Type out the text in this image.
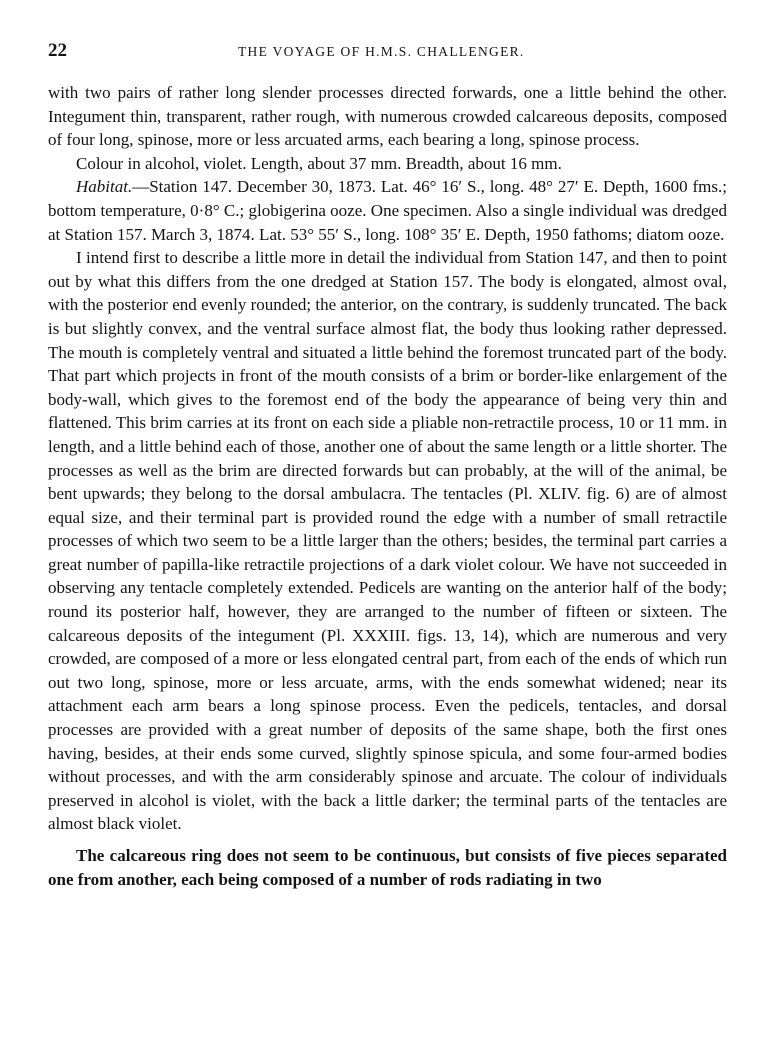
22	THE VOYAGE OF H.M.S. CHALLENGER.

with two pairs of rather long slender processes directed forwards, one a little behind the other. Integument thin, transparent, rather rough, with numerous crowded calcareous deposits, composed of four long, spinose, more or less arcuated arms, each bearing a long, spinose process.

Colour in alcohol, violet. Length, about 37 mm. Breadth, about 16 mm.

Habitat.—Station 147. December 30, 1873. Lat. 46° 16′ S., long. 48° 27′ E. Depth, 1600 fms.; bottom temperature, 0·8° C.; globigerina ooze. One specimen. Also a single individual was dredged at Station 157. March 3, 1874. Lat. 53° 55′ S., long. 108° 35′ E. Depth, 1950 fathoms; diatom ooze.

I intend first to describe a little more in detail the individual from Station 147, and then to point out by what this differs from the one dredged at Station 157. The body is elongated, almost oval, with the posterior end evenly rounded; the anterior, on the contrary, is suddenly truncated. The back is but slightly convex, and the ventral surface almost flat, the body thus looking rather depressed. The mouth is completely ventral and situated a little behind the foremost truncated part of the body. That part which projects in front of the mouth consists of a brim or border-like enlargement of the body-wall, which gives to the foremost end of the body the appearance of being very thin and flattened. This brim carries at its front on each side a pliable non-retractile process, 10 or 11 mm. in length, and a little behind each of those, another one of about the same length or a little shorter. The processes as well as the brim are directed forwards but can probably, at the will of the animal, be bent upwards; they belong to the dorsal ambulacra. The tentacles (Pl. XLIV. fig. 6) are of almost equal size, and their terminal part is provided round the edge with a number of small retractile processes of which two seem to be a little larger than the others; besides, the terminal part carries a great number of papilla-like retractile projections of a dark violet colour. We have not succeeded in observing any tentacle completely extended. Pedicels are wanting on the anterior half of the body; round its posterior half, however, they are arranged to the number of fifteen or sixteen. The calcareous deposits of the integument (Pl. XXXIII. figs. 13, 14), which are numerous and very crowded, are composed of a more or less elongated central part, from each of the ends of which run out two long, spinose, more or less arcuate, arms, with the ends somewhat widened; near its attachment each arm bears a long spinose process. Even the pedicels, tentacles, and dorsal processes are provided with a great number of deposits of the same shape, both the first ones having, besides, at their ends some curved, slightly spinose spicula, and some four-armed bodies without processes, and with the arm considerably spinose and arcuate. The colour of individuals preserved in alcohol is violet, with the back a little darker; the terminal parts of the tentacles are almost black violet.

The calcareous ring does not seem to be continuous, but consists of five pieces separated one from another, each being composed of a number of rods radiating in two
